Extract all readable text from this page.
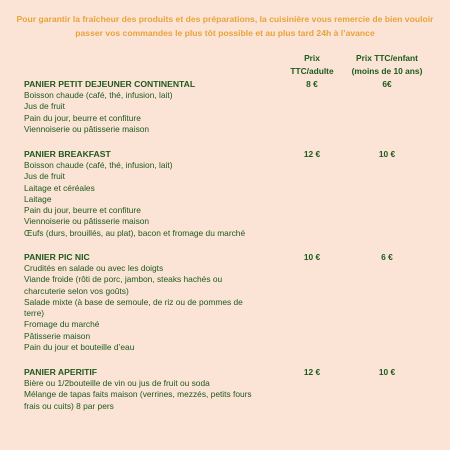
Pour garantir la fraîcheur des produits et des préparations, la cuisinière vous remercie de bien vouloir passer vos commandes le plus tôt possible et au plus tard 24h à l’avance
Prix
TTC/adulte
Prix TTC/enfant
(moins de 10 ans)
PANIER PETIT DEJEUNER CONTINENTAL	8 €	6€
Boisson chaude (café, thé, infusion, lait)
Jus de fruit
Pain du jour, beurre et confiture
Viennoiserie ou pâtisserie maison
PANIER BREAKFAST	12 €	10 €
Boisson chaude (café, thé, infusion, lait)
Jus de fruit
Laitage et céréales
Laitage
Pain du jour, beurre et confiture
Viennoiserie ou pâtisserie maison
Œufs (durs, brouillés, au plat), bacon et fromage du marché
PANIER PIC NIC	10 €	6 €
Crudités en salade ou avec les doigts
Viande froide (rôti de porc, jambon, steaks hachés ou
charcuterie selon vos goûts)
Salade mixte (à base de semoule, de riz ou de pommes de
terre)
Fromage du marché
Pâtisserie maison
Pain du jour et bouteille d’eau
PANIER APERITIF	12 €	10 €
Bière ou 1/2bouteille de vin ou jus de fruit ou soda
Mélange de tapas faits maison (verrines, mezzés, petits fours
frais ou cuits) 8 par pers
